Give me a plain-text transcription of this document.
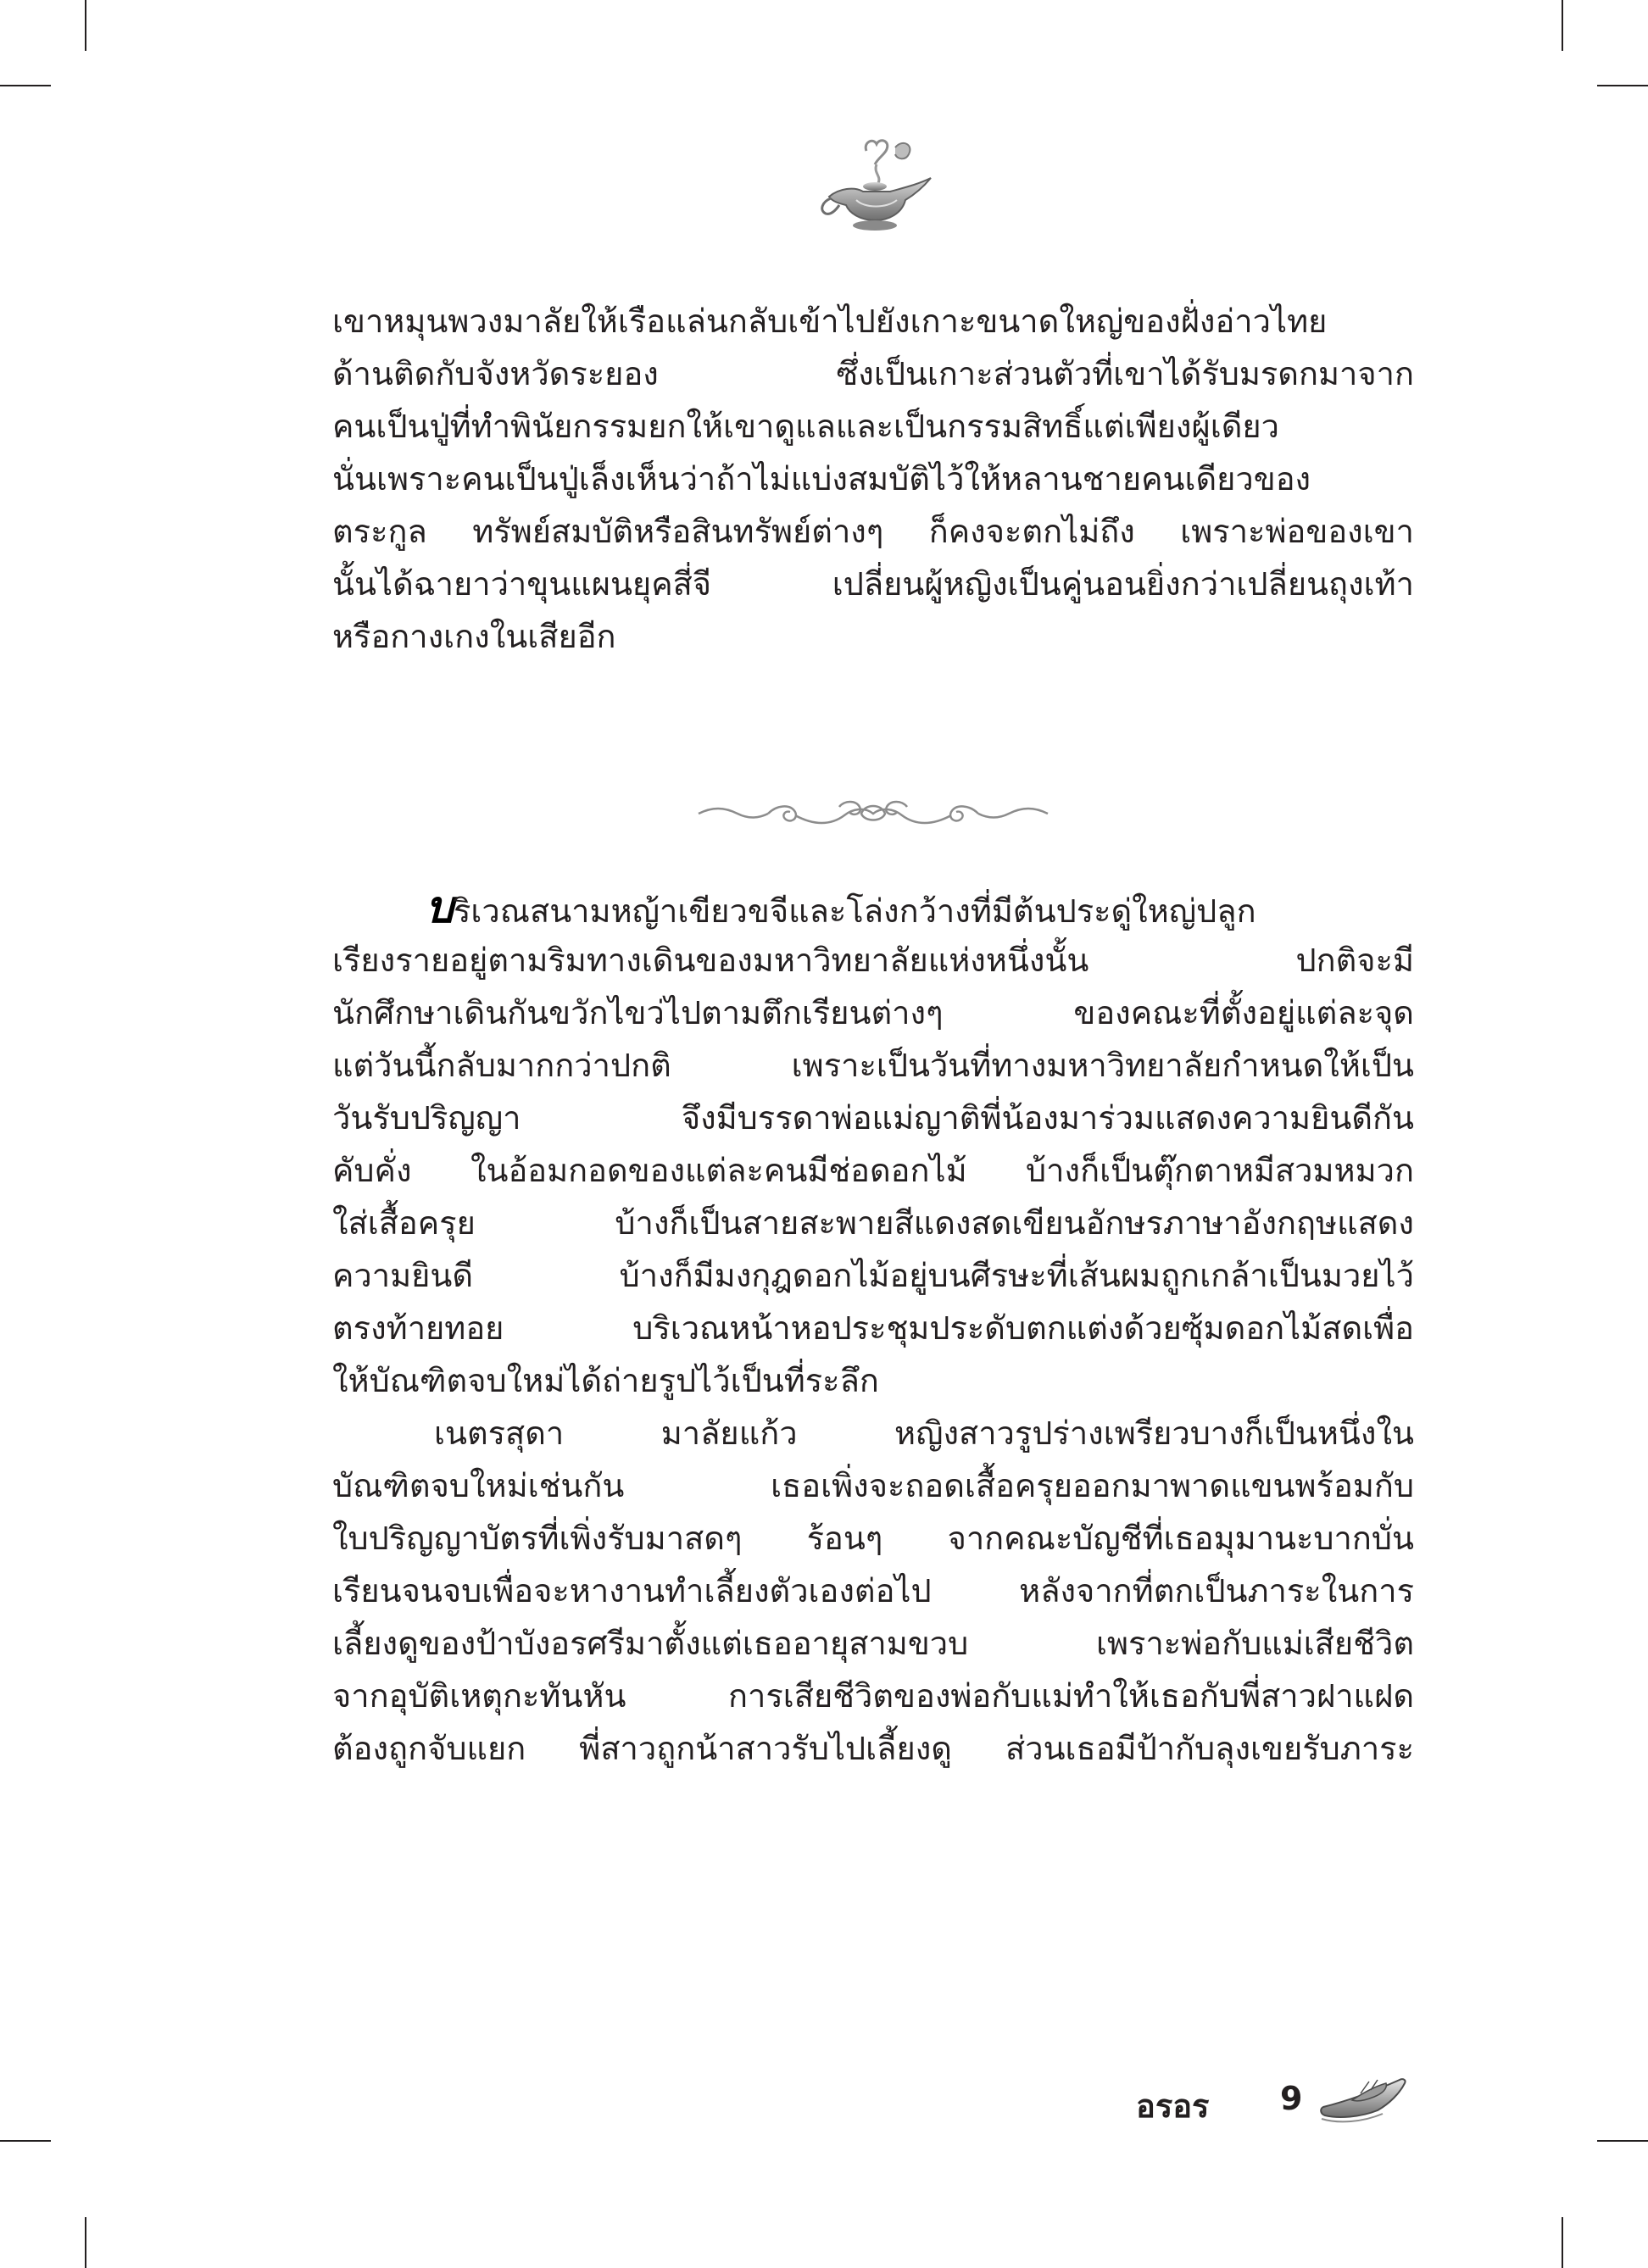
เขาหมุนพวงมาลัยให้เรือแล่นกลับเข้าไปยังเกาะขนาดใหญ่ของฝั่งอ่าวไทย
ด้านติดกับจังหวัดระยอง ซึ่งเป็นเกาะส่วนตัวที่เขาได้รับมรดกมาจาก
คนเป็นปู่ที่ทำพินัยกรรมยกให้เขาดูแลและเป็นกรรมสิทธิ์แต่เพียงผู้เดียว
นั่นเพราะคนเป็นปู่เล็งเห็นว่าถ้าไม่แบ่งสมบัติไว้ให้หลานชายคนเดียวของ
ตระกูล ทรัพย์สมบัติหรือสินทรัพย์ต่างๆ ก็คงจะตกไม่ถึง เพราะพ่อของเขา
นั้นได้ฉายาว่าขุนแผนยุคสี่จี เปลี่ยนผู้หญิงเป็นคู่นอนยิ่งกว่าเปลี่ยนถุงเท้า
หรือกางเกงในเสียอีก
บริเวณสนามหญ้าเขียวขจีและโล่งกว้างที่มีต้นประดู่ใหญ่ปลูก
เรียงรายอยู่ตามริมทางเดินของมหาวิทยาลัยแห่งหนึ่งนั้น ปกติจะมี
นักศึกษาเดินกันขวักไขว่ไปตามตึกเรียนต่างๆ ของคณะที่ตั้งอยู่แต่ละจุด
แต่วันนี้กลับมากกว่าปกติ เพราะเป็นวันที่ทางมหาวิทยาลัยกำหนดให้เป็น
วันรับปริญญา จึงมีบรรดาพ่อแม่ญาติพี่น้องมาร่วมแสดงความยินดีกัน
คับคั่ง ในอ้อมกอดของแต่ละคนมีช่อดอกไม้ บ้างก็เป็นตุ๊กตาหมีสวมหมวก
ใส่เสื้อครุย บ้างก็เป็นสายสะพายสีแดงสดเขียนอักษรภาษาอังกฤษแสดง
ความยินดี บ้างก็มีมงกุฎดอกไม้อยู่บนศีรษะที่เส้นผมถูกเกล้าเป็นมวยไว้
ตรงท้ายทอย บริเวณหน้าหอประชุมประดับตกแต่งด้วยซุ้มดอกไม้สดเพื่อ
ให้บัณฑิตจบใหม่ได้ถ่ายรูปไว้เป็นที่ระลึก
เนตรสุดา มาลัยแก้ว หญิงสาวรูปร่างเพรียวบางก็เป็นหนึ่งใน
บัณฑิตจบใหม่เช่นกัน เธอเพิ่งจะถอดเสื้อครุยออกมาพาดแขนพร้อมกับ
ใบปริญญาบัตรที่เพิ่งรับมาสดๆ ร้อนๆ จากคณะบัญชีที่เธอมุมานะบากบั่น
เรียนจนจบเพื่อจะหางานทำเลี้ยงตัวเองต่อไป หลังจากที่ตกเป็นภาระในการ
เลี้ยงดูของป้าบังอรศรีมาตั้งแต่เธออายุสามขวบ เพราะพ่อกับแม่เสียชีวิต
จากอุบัติเหตุกะทันหัน การเสียชีวิตของพ่อกับแม่ทำให้เธอกับพี่สาวฝาแฝด
ต้องถูกจับแยก พี่สาวถูกน้าสาวรับไปเลี้ยงดู ส่วนเธอมีป้ากับลุงเขยรับภาระ
อรอร 9
